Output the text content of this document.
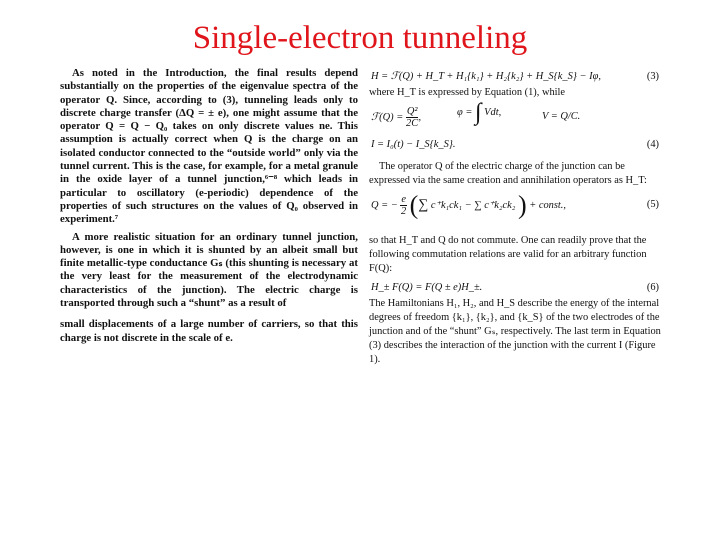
Single-electron tunneling

As noted in the Introduction, the final results depend substantially on the properties of the eigenvalue spectra of the operator Q. Since, according to (3), tunneling leads only to discrete charge transfer (ΔQ = ± e), one might assume that the operator Q = Q − Q₀ takes on only discrete values ne. This assumption is actually correct when Q is the charge on an isolated conductor connected to the “outside world” only via the tunnel current. This is the case, for example, for a metal granule in the oxide layer of a tunnel junction,⁶⁻⁸ which leads in particular to oscillatory (e-periodic) dependence of the properties of such structures on the values of Q₀ observed in experiment.⁷

A more realistic situation for an ordinary tunnel junction, however, is one in which it is shunted by an albeit small but finite metallic-type conductance Gₛ (this shunting is necessary at the very least for the measurement of the electrodynamic characteristics of the junction). The electric charge is transported through such a “shunt” as a result of

small displacements of a large number of carriers, so that this charge is not discrete in the scale of e.

H = ℱ(Q) + H_T + H₁{k₁} + H₂{k₂} + H_S{k_S} − Iφ,	(3)

where H_T is expressed by Equation (1), while

ℱ(Q) = $\frac{\text{Q²}}{2C}$ ,	φ = ∫ Vdt,	V = Q/C.
I = I₀(t) − I_S{k_S}.	(4)

The operator Q of the electric charge of the junction can be expressed via the same creation and annihilation operators as H_T:

Q = − $\frac{e}{2}$ (∑ c⁺k₁ck₁ − ∑ c⁺k₂ck₂ ) + const.,	(5)

so that H_T and Q do not commute. One can readily prove that the following commutation relations are valid for an arbitrary function F(Q):

H_± F(Q) = F(Q ± e)H_±.	(6)

The Hamiltonians H₁, H₂, and H_S describe the energy of the internal degrees of freedom {k₁}, {k₂}, and {k_S} of the two electrodes of the junction and of the “shunt” Gₛ, respectively. The last term in Equation (3) describes the interaction of the junction with the current I (Figure 1).
